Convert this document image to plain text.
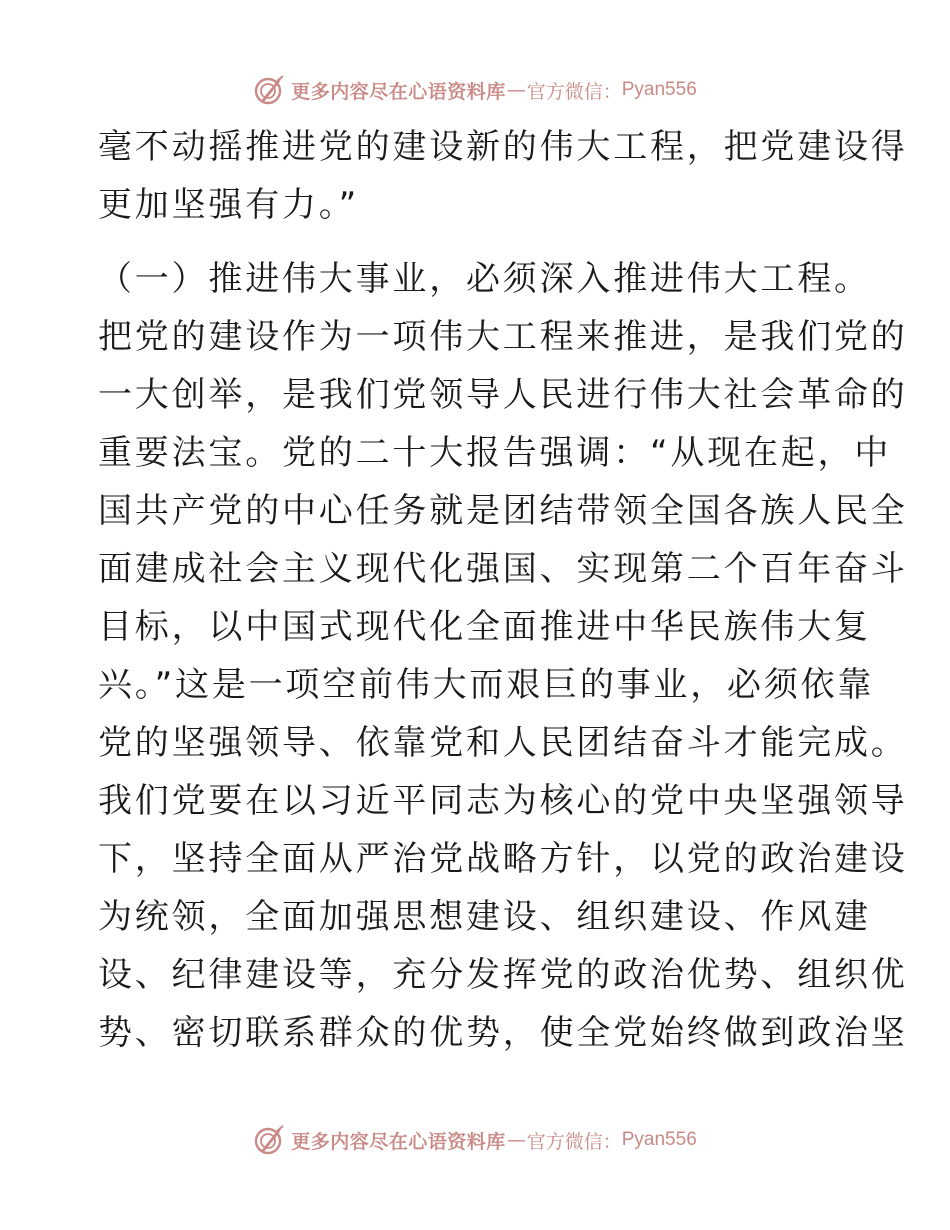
更多内容尽在心语资料库 — 官方微信： Pyan556
毫不动摇推进党的建设新的伟大工程，把党建设得
更加坚强有力。”
（一）推进伟大事业，必须深入推进伟大工程。
把党的建设作为一项伟大工程来推进，是我们党的
一大创举，是我们党领导人民进行伟大社会革命的
重要法宝。党的二十大报告强调：“从现在起，中
国共产党的中心任务就是团结带领全国各族人民全
面建成社会主义现代化强国、实现第二个百年奋斗
目标，以中国式现代化全面推进中华民族伟大复
兴。”这是一项空前伟大而艰巨的事业，必须依靠
党的坚强领导、依靠党和人民团结奋斗才能完成。
我们党要在以习近平同志为核心的党中央坚强领导
下，坚持全面从严治党战略方针，以党的政治建设
为统领，全面加强思想建设、组织建设、作风建
设、纪律建设等，充分发挥党的政治优势、组织优
势、密切联系群众的优势，使全党始终做到政治坚
更多内容尽在心语资料库 — 官方微信： Pyan556
